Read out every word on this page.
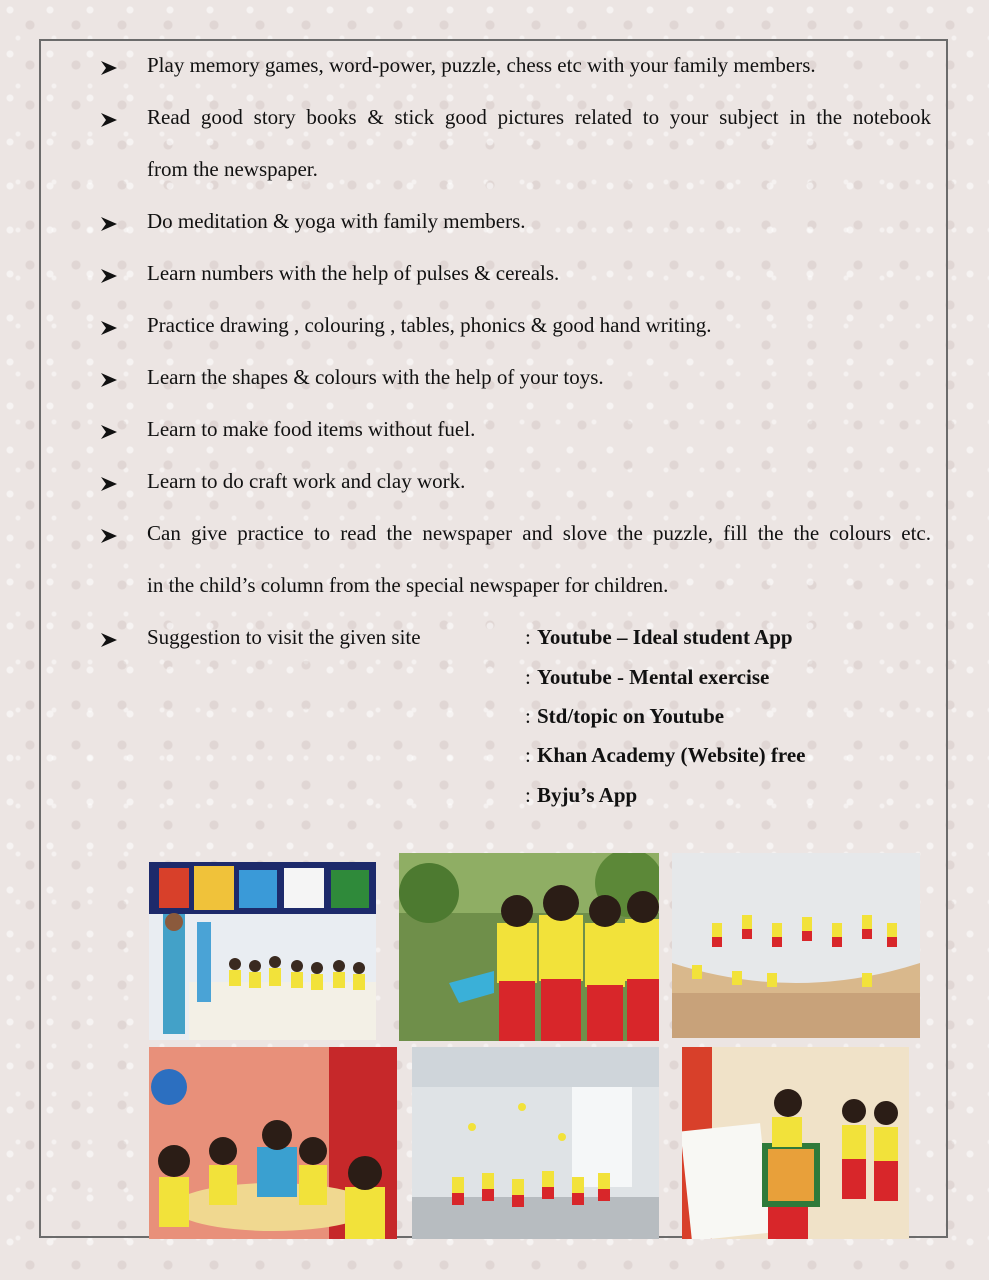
Play memory games, word-power, puzzle, chess etc with your family members.
Read good story books & stick good pictures related to your subject in the notebook
from the newspaper.
Do meditation & yoga with family members.
Learn numbers with the help of pulses & cereals.
Practice drawing , colouring , tables, phonics & good hand writing.
Learn the shapes & colours with the help of your toys.
Learn to make food items without fuel.
Learn to do craft work and clay work.
Can give practice to read the newspaper and slove the puzzle, fill the the colours etc.
in the child’s column from the special newspaper for children.
Suggestion to visit the given site	: Youtube – Ideal student App
: Youtube - Mental exercise
: Std/topic on Youtube
: Khan Academy (Website) free
: Byju’s App
